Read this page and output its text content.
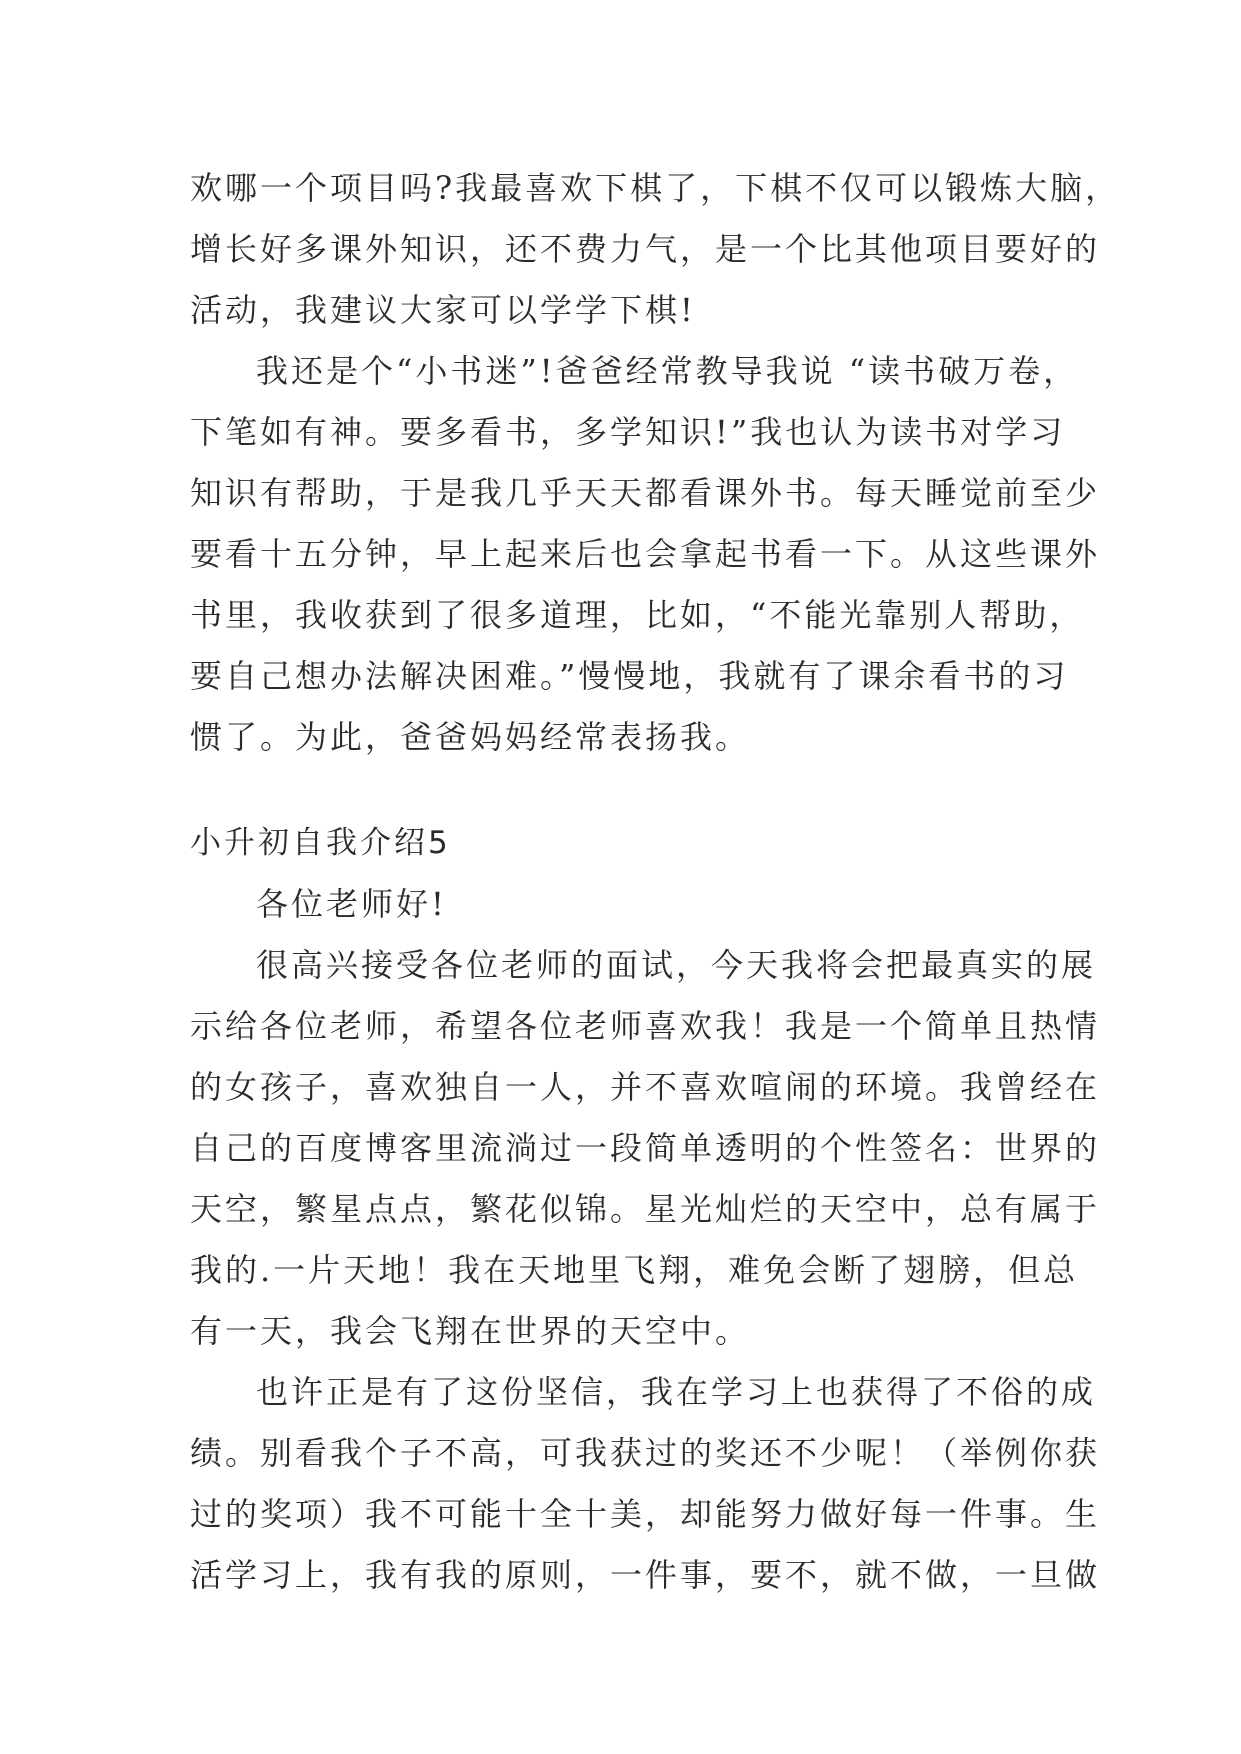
欢哪一个项目吗?我最喜欢下棋了，下棋不仅可以锻炼大脑，
增长好多课外知识，还不费力气，是一个比其他项目要好的
活动，我建议大家可以学学下棋!
我还是个“小书迷”!爸爸经常教导我说 “读书破万卷，
下笔如有神。要多看书，多学知识!”我也认为读书对学习
知识有帮助，于是我几乎天天都看课外书。每天睡觉前至少
要看十五分钟，早上起来后也会拿起书看一下。从这些课外
书里，我收获到了很多道理，比如，“不能光靠别人帮助，
要自己想办法解决困难。”慢慢地，我就有了课余看书的习
惯了。为此，爸爸妈妈经常表扬我。
小升初自我介绍5
各位老师好!
很高兴接受各位老师的面试，今天我将会把最真实的展
示给各位老师，希望各位老师喜欢我！我是一个简单且热情
的女孩子，喜欢独自一人，并不喜欢喧闹的环境。我曾经在
自己的百度博客里流淌过一段简单透明的个性签名：世界的
天空，繁星点点，繁花似锦。星光灿烂的天空中，总有属于
我的.一片天地！我在天地里飞翔，难免会断了翅膀，但总
有一天，我会飞翔在世界的天空中。
也许正是有了这份坚信，我在学习上也获得了不俗的成
绩。别看我个子不高，可我获过的奖还不少呢！（举例你获
过的奖项）我不可能十全十美，却能努力做好每一件事。生
活学习上，我有我的原则，一件事，要不，就不做，一旦做
